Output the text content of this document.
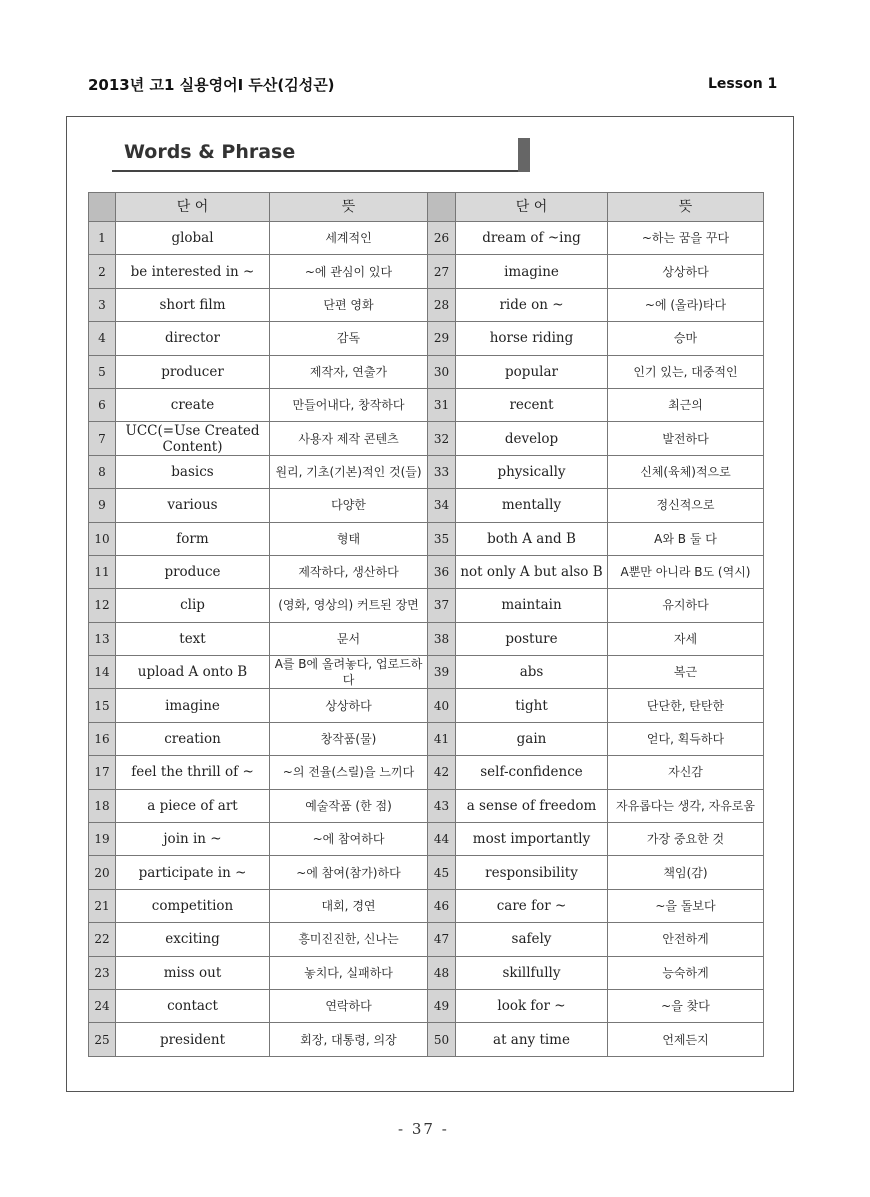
2013년 고1 실용영어I 두산(김성곤)	Lesson 1
Words & Phrase
	단 어	뜻		단 어	뜻
1	global	세계적인	26	dream of ~ing	~하는 꿈을 꾸다
2	be interested in ~	~에 관심이 있다	27	imagine	상상하다
3	short film	단편 영화	28	ride on ~	~에 (올라)타다
4	director	감독	29	horse riding	승마
5	producer	제작자, 연출가	30	popular	인기 있는, 대중적인
6	create	만들어내다, 창작하다	31	recent	최근의
7	UCC(=Use Created Content)	사용자 제작 콘텐츠	32	develop	발전하다
8	basics	원리, 기초(기본)적인 것(들)	33	physically	신체(육체)적으로
9	various	다양한	34	mentally	정신적으로
10	form	형태	35	both A and B	A와 B 둘 다
11	produce	제작하다, 생산하다	36	not only A but also B	A뿐만 아니라 B도 (역시)
12	clip	(영화, 영상의) 커트된 장면	37	maintain	유지하다
13	text	문서	38	posture	자세
14	upload A onto B	A를 B에 올려놓다, 업로드하다	39	abs	복근
15	imagine	상상하다	40	tight	단단한, 탄탄한
16	creation	창작품(물)	41	gain	얻다, 획득하다
17	feel the thrill of ~	~의 전율(스릴)을 느끼다	42	self-confidence	자신감
18	a piece of art	예술작품 (한 점)	43	a sense of freedom	자유롭다는 생각, 자유로움
19	join in ~	~에 참여하다	44	most importantly	가장 중요한 것
20	participate in ~	~에 참여(참가)하다	45	responsibility	책임(감)
21	competition	대회, 경연	46	care for ~	~을 돌보다
22	exciting	흥미진진한, 신나는	47	safely	안전하게
23	miss out	놓치다, 실패하다	48	skillfully	능숙하게
24	contact	연락하다	49	look for ~	~을 찾다
25	president	회장, 대통령, 의장	50	at any time	언제든지
- 37 -
